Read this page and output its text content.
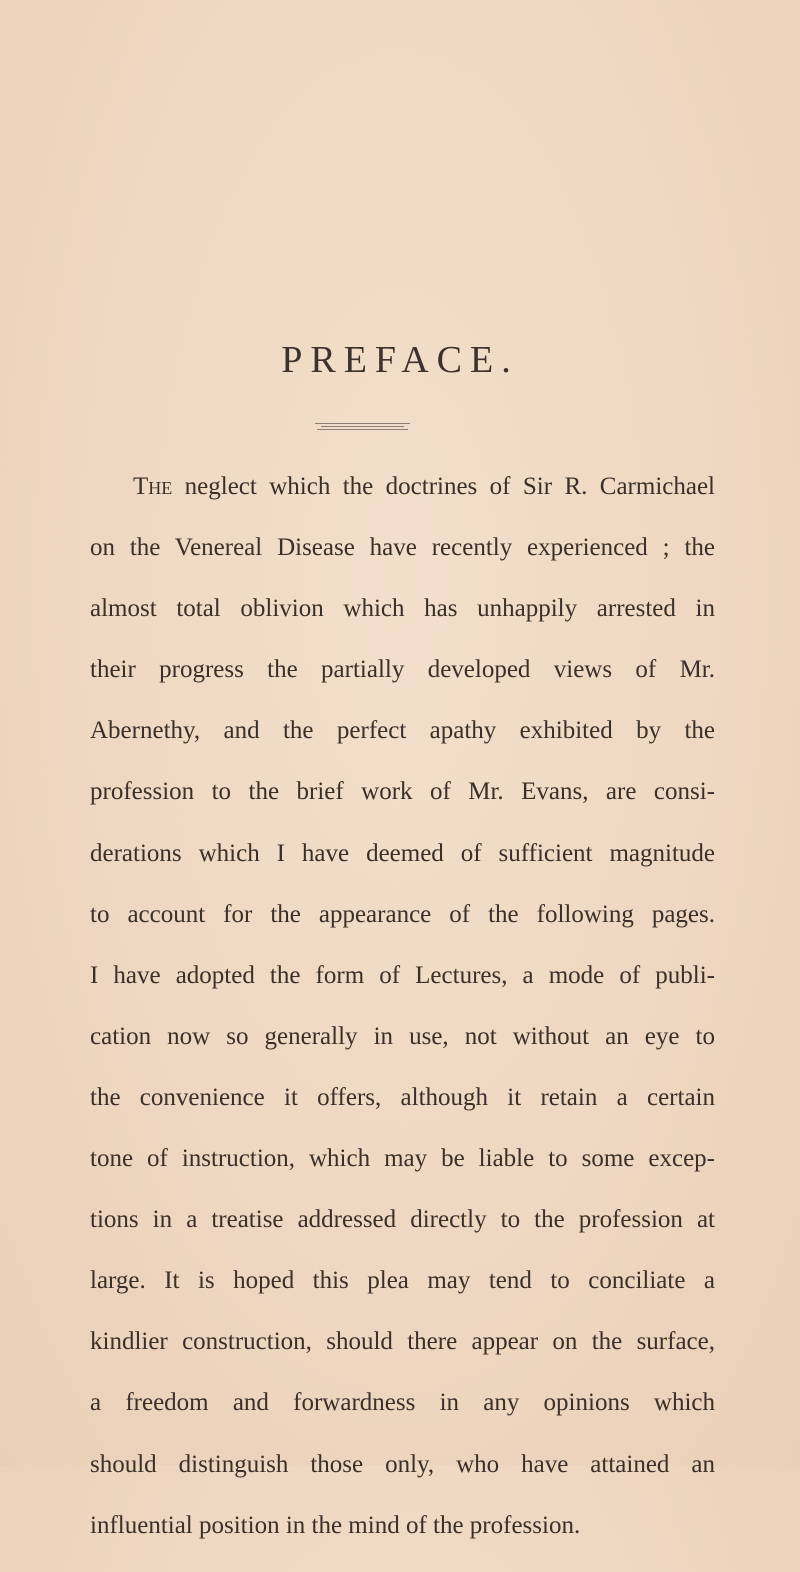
PREFACE.
The neglect which the doctrines of Sir R. Carmichael
on the Venereal Disease have recently experienced ; the
almost total oblivion which has unhappily arrested in
their progress the partially developed views of Mr.
Abernethy, and the perfect apathy exhibited by the
profession to the brief work of Mr. Evans, are consi-
derations which I have deemed of sufficient magnitude
to account for the appearance of the following pages.
I have adopted the form of Lectures, a mode of publi-
cation now so generally in use, not without an eye to
the convenience it offers, although it retain a certain
tone of instruction, which may be liable to some excep-
tions in a treatise addressed directly to the profession at
large. It is hoped this plea may tend to conciliate a
kindlier construction, should there appear on the surface,
a freedom and forwardness in any opinions which
should distinguish those only, who have attained an
influential position in the mind of the profession.
